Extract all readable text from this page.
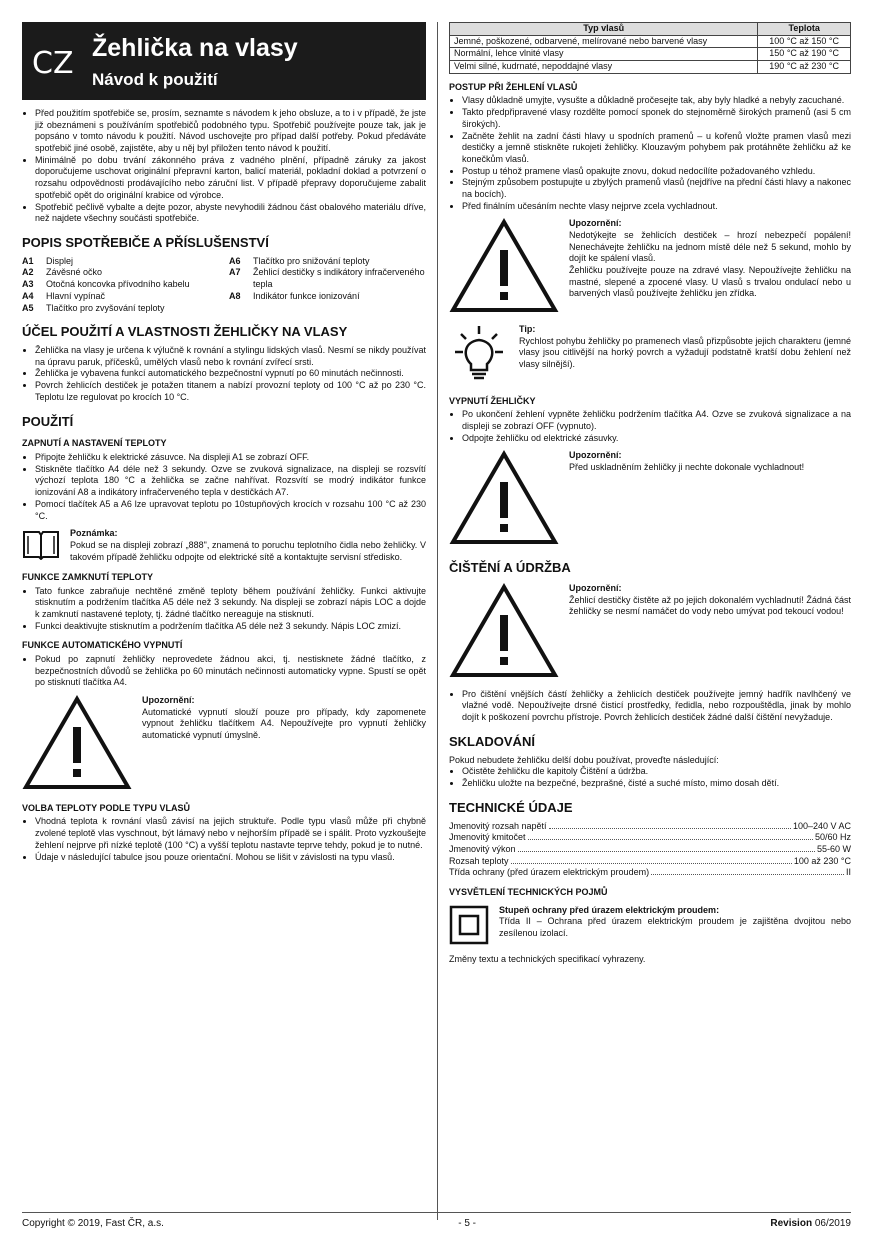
CZ Žehlička na vlasy
Návod k použití
• Před použitím spotřebiče se, prosím, seznamte s návodem k jeho obsluze, a to i v případě, že jste již obeznámeni s používáním spotřebičů podobného typu. Spotřebič používejte pouze tak, jak je popsáno v tomto návodu k použití. Návod uschovejte pro případ další potřeby. Pokud předáváte spotřebič jiné osobě, zajistěte, aby u něj byl přiložen tento návod k použití.
• Minimálně po dobu trvání zákonného práva z vadného plnění, případně záruky za jakost doporučujeme uschovat originální přepravní karton, balicí materiál, pokladní doklad a potvrzení o rozsahu odpovědnosti prodávajícího nebo záruční list. V případě přepravy doporučujeme zabalit spotřebič opět do originální krabice od výrobce.
• Spotřebič pečlivě vybalte a dejte pozor, abyste nevyhodili žádnou část obalového materiálu dříve, než najdete všechny součásti spotřebiče.
POPIS SPOTŘEBIČE A PŘÍSLUŠENSTVÍ
A1	Displej
A2	Závěsné očko
A3	Otočná koncovka přívodního kabelu
A4	Hlavní vypínač
A5	Tlačítko pro zvyšování teploty
A6	Tlačítko pro snižování teploty
A7	Žehlicí destičky s indikátory infračerveného tepla
A8	Indikátor funkce ionizování
ÚČEL POUŽITÍ A VLASTNOSTI ŽEHLIČKY NA VLASY
• Žehlička na vlasy je určena k výlučně k rovnání a stylingu lidských vlasů. Nesmí se nikdy používat na úpravu paruk, příčesků, umělých vlasů nebo k rovnání zvířecí srsti.
• Žehlička je vybavena funkcí automatického bezpečnostní vypnutí po 60 minutách nečinnosti.
• Povrch žehlicích destiček je potažen titanem a nabízí provozní teploty od 100 °C až po 230 °C. Teplotu lze regulovat po krocích 10 °C.
POUŽITÍ
ZAPNUTÍ A NASTAVENÍ TEPLOTY
• Připojte žehličku k elektrické zásuvce. Na displeji A1 se zobrazí OFF.
• Stiskněte tlačítko A4 déle než 3 sekundy. Ozve se zvuková signalizace, na displeji se rozsvítí výchozí teplota 180 °C a žehlička se začne nahřívat. Rozsvítí se modrý indikátor funkce ionizování A8 a indikátory infračerveného tepla v destičkách A7.
• Pomocí tlačítek A5 a A6 lze upravovat teplotu po 10stupňových krocích v rozsahu 100 °C až 230 °C.
Poznámka:

Pokud se na displeji zobrazí „888", znamená to poruchu teplotního čidla nebo žehličky. V takovém případě žehličku odpojte od elektrické sítě a kontaktujte servisní středisko.

FUNKCE ZAMKNUTÍ TEPLOTY
• Tato funkce zabraňuje nechtěné změně teploty během používání žehličky. Funkci aktivujte stisknutím a podržením tlačítka A5 déle než 3 sekundy. Na displeji se zobrazí nápis LOC a dojde k zamknutí nastavené teploty, tj. žádné tlačítko nereaguje na stisknutí.
• Funkci deaktivujte stisknutím a podržením tlačítka A5 déle než 3 sekundy. Nápis LOC zmizí.
FUNKCE AUTOMATICKÉHO VYPNUTÍ
• Pokud po zapnutí žehličky neprovedete žádnou akci, tj. nestisknete žádné tlačítko, z bezpečnostních důvodů se žehlička po 60 minutách nečinnosti automaticky vypne. Spustí se opět po stisknutí tlačítka A4.
Upozornění:

Automatické vypnutí slouží pouze pro případy, kdy zapomenete vypnout žehličku tlačítkem A4. Nepoužívejte pro vypnutí žehličky automatické vypnutí úmyslně.

VOLBA TEPLOTY PODLE TYPU VLASŮ
• Vhodná teplota k rovnání vlasů závisí na jejich struktuře. Podle typu vlasů může při chybně zvolené teplotě vlas vyschnout, být lámavý nebo v nejhorším případě se i spálit. Proto vyzkoušejte žehlení nejprve při nízké teplotě (100 °C) a vyšší teplotu nastavte teprve tehdy, pokud je to nutné.
• Údaje v následující tabulce jsou pouze orientační. Mohou se lišit v závislosti na typu vlasů.
Typ vlasů	Teplota
Jemné, poškozené, odbarvené, melírované nebo barvené vlasy	100 °C až 150 °C
Normální, lehce vlnité vlasy	150 °C až 190 °C
Velmi silné, kudrnaté, nepoddajné vlasy	190 °C až 230 °C
POSTUP PŘI ŽEHLENÍ VLASŮ
• Vlasy důkladně umyjte, vysušte a důkladně pročesejte tak, aby byly hladké a nebyly zacuchané.
• Takto předpřipravené vlasy rozdělte pomocí sponek do stejnoměrně širokých pramenů (asi 5 cm širokých).
• Začněte žehlit na zadní části hlavy u spodních pramenů – u kořenů vložte pramen vlasů mezi destičky a jemně stiskněte rukojeti žehličky. Klouzavým pohybem pak protáhněte žehličku až ke konečkům vlasů.
• Postup u téhož pramene vlasů opakujte znovu, dokud nedocílíte požadovaného vzhledu.
• Stejným způsobem postupujte u zbylých pramenů vlasů (nejdříve na přední části hlavy a nakonec na bocích).
• Před finálním učesáním nechte vlasy nejprve zcela vychladnout.
Upozornění:

Nedotýkejte se žehlicích destiček – hrozí nebezpečí popálení! Nenechávejte žehličku na jednom místě déle než 5 sekund, mohlo by dojít ke spálení vlasů.

Žehličku používejte pouze na zdravé vlasy. Nepoužívejte žehličku na mastné, slepené a zpocené vlasy. U vlasů s trvalou ondulací nebo u barvených vlasů používejte žehličku jen zřídka.

Tip:

Rychlost pohybu žehličky po pramenech vlasů přizpůsobte jejich charakteru (jemné vlasy jsou citlivější na horký povrch a vyžadují podstatně kratší dobu žehlení než vlasy silnější).

VYPNUTÍ ŽEHLIČKY
• Po ukončení žehlení vypněte žehličku podržením tlačítka A4. Ozve se zvuková signalizace a na displeji se zobrazí OFF (vypnuto).
• Odpojte žehličku od elektrické zásuvky.
Upozornění:

Před uskladněním žehličky ji nechte dokonale vychladnout!

ČIŠTĚNÍ A ÚDRŽBA
Upozornění:

Žehlicí destičky čistěte až po jejich dokonalém vychladnutí! Žádná část žehličky se nesmí namáčet do vody nebo umývat pod tekoucí vodou!

• Pro čištění vnějších částí žehličky a žehlicích destiček používejte jemný hadřík navlhčený ve vlažné vodě. Nepoužívejte drsné čisticí prostředky, ředidla, nebo rozpouštědla, jinak by mohlo dojít k poškození povrchu přístroje. Povrch žehlicích destiček žádné další čištění nevyžaduje.
SKLADOVÁNÍ

Pokud nebudete žehličku delší dobu používat, proveďte následující:

• Očistěte žehličku dle kapitoly Čištění a údržba.
• Žehličku uložte na bezpečné, bezprašné, čisté a suché místo, mimo dosah dětí.
TECHNICKÉ ÚDAJE
Jmenovitý rozsah napětí	100–240 V AC
Jmenovitý kmitočet	50/60 Hz
Jmenovitý výkon	55-60 W
Rozsah teploty	100 až 230 °C
Třída ochrany (před úrazem elektrickým proudem)	II
VYSVĚTLENÍ TECHNICKÝCH POJMŮ
Stupeň ochrany před úrazem elektrickým proudem:

Třída II – Ochrana před úrazem elektrickým proudem je zajištěna dvojitou nebo zesílenou izolací.

Změny textu a technických specifikací vyhrazeny.

Copyright © 2019, Fast ČR, a.s.	- 5 -	Revision 06/2019
